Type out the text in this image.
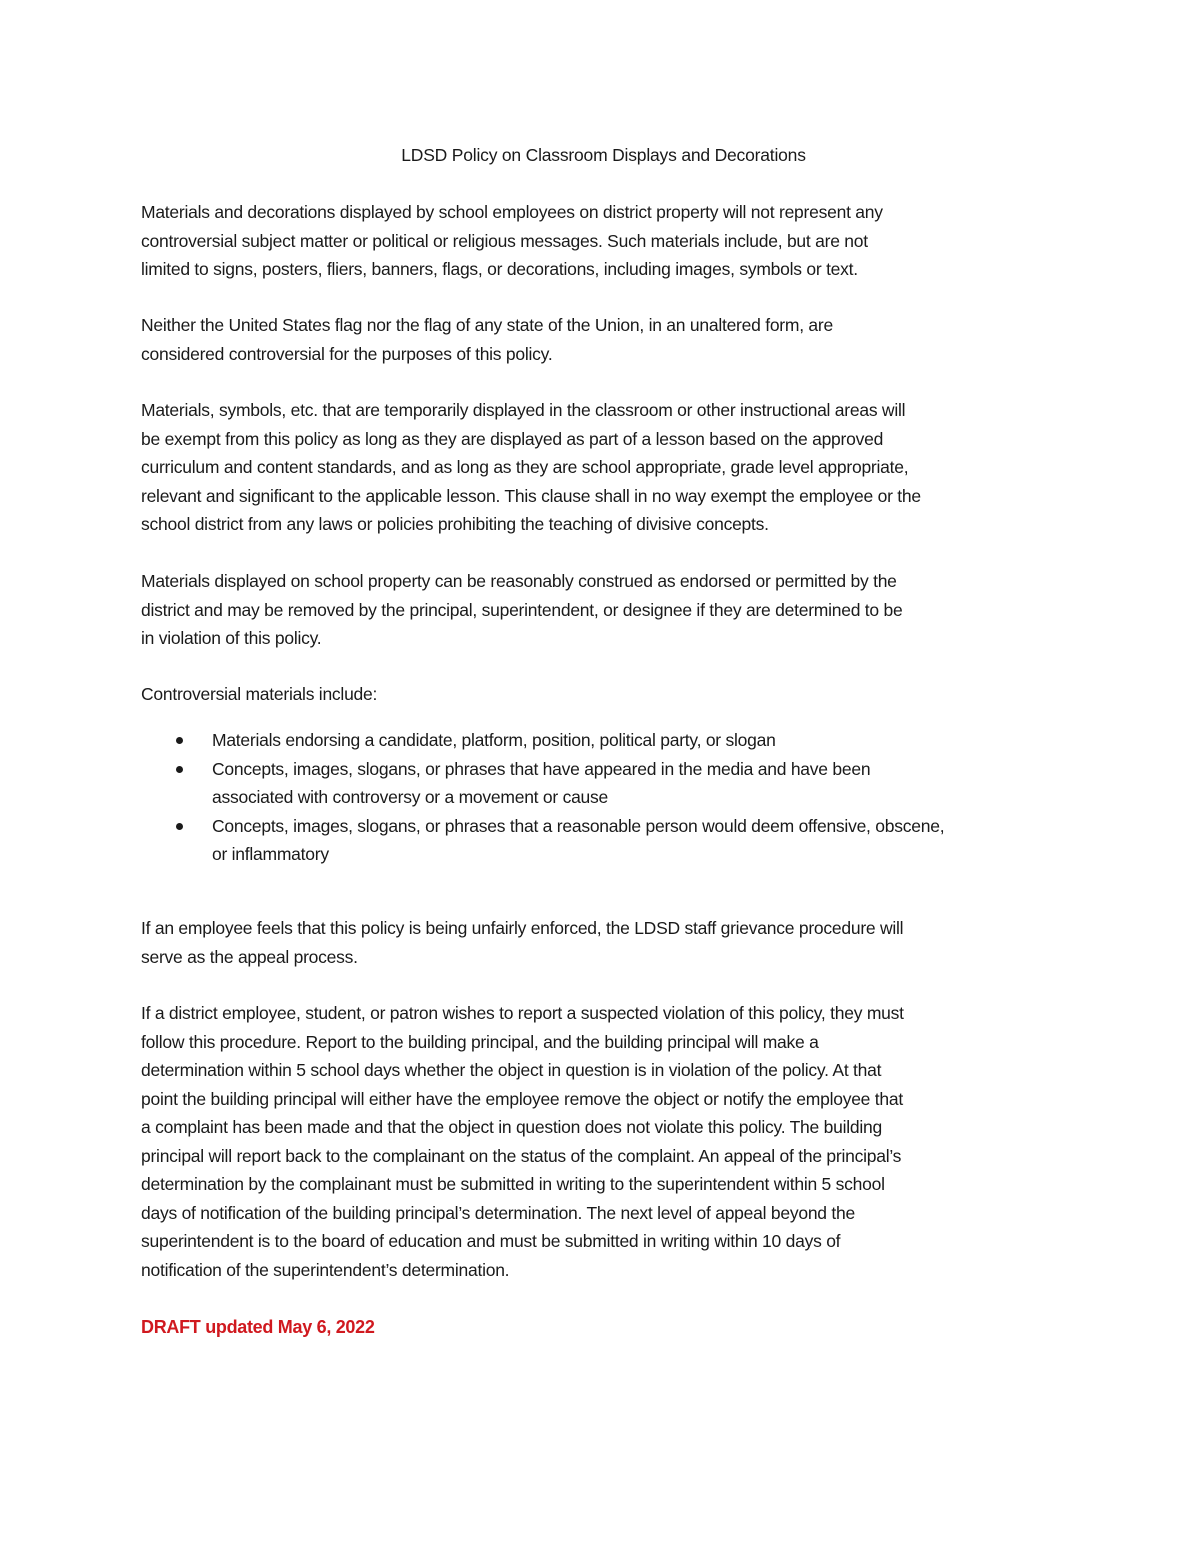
LDSD Policy on Classroom Displays and Decorations

Materials and decorations displayed by school employees on district property will not represent any
controversial subject matter or political or religious messages. Such materials include, but are not
limited to signs, posters, fliers, banners, flags, or decorations, including images, symbols or text.

Neither the United States flag nor the flag of any state of the Union, in an unaltered form, are
considered controversial for the purposes of this policy.

Materials, symbols, etc. that are temporarily displayed in the classroom or other instructional areas will
be exempt from this policy as long as they are displayed as part of a lesson based on the approved
curriculum and content standards, and as long as they are school appropriate, grade level appropriate,
relevant and significant to the applicable lesson. This clause shall in no way exempt the employee or the
school district from any laws or policies prohibiting the teaching of divisive concepts.

Materials displayed on school property can be reasonably construed as endorsed or permitted by the
district and may be removed by the principal, superintendent, or designee if they are determined to be
in violation of this policy.

Controversial materials include:

Materials endorsing a candidate, platform, position, political party, or slogan
Concepts, images, slogans, or phrases that have appeared in the media and have been
associated with controversy or a movement or cause
Concepts, images, slogans, or phrases that a reasonable person would deem offensive, obscene,
or inflammatory

If an employee feels that this policy is being unfairly enforced, the LDSD staff grievance procedure will
serve as the appeal process.

If a district employee, student, or patron wishes to report a suspected violation of this policy, they must
follow this procedure. Report to the building principal, and the building principal will make a
determination within 5 school days whether the object in question is in violation of the policy. At that
point the building principal will either have the employee remove the object or notify the employee that
a complaint has been made and that the object in question does not violate this policy. The building
principal will report back to the complainant on the status of the complaint. An appeal of the principal’s
determination by the complainant must be submitted in writing to the superintendent within 5 school
days of notification of the building principal’s determination. The next level of appeal beyond the
superintendent is to the board of education and must be submitted in writing within 10 days of
notification of the superintendent’s determination.

DRAFT updated May 6, 2022
